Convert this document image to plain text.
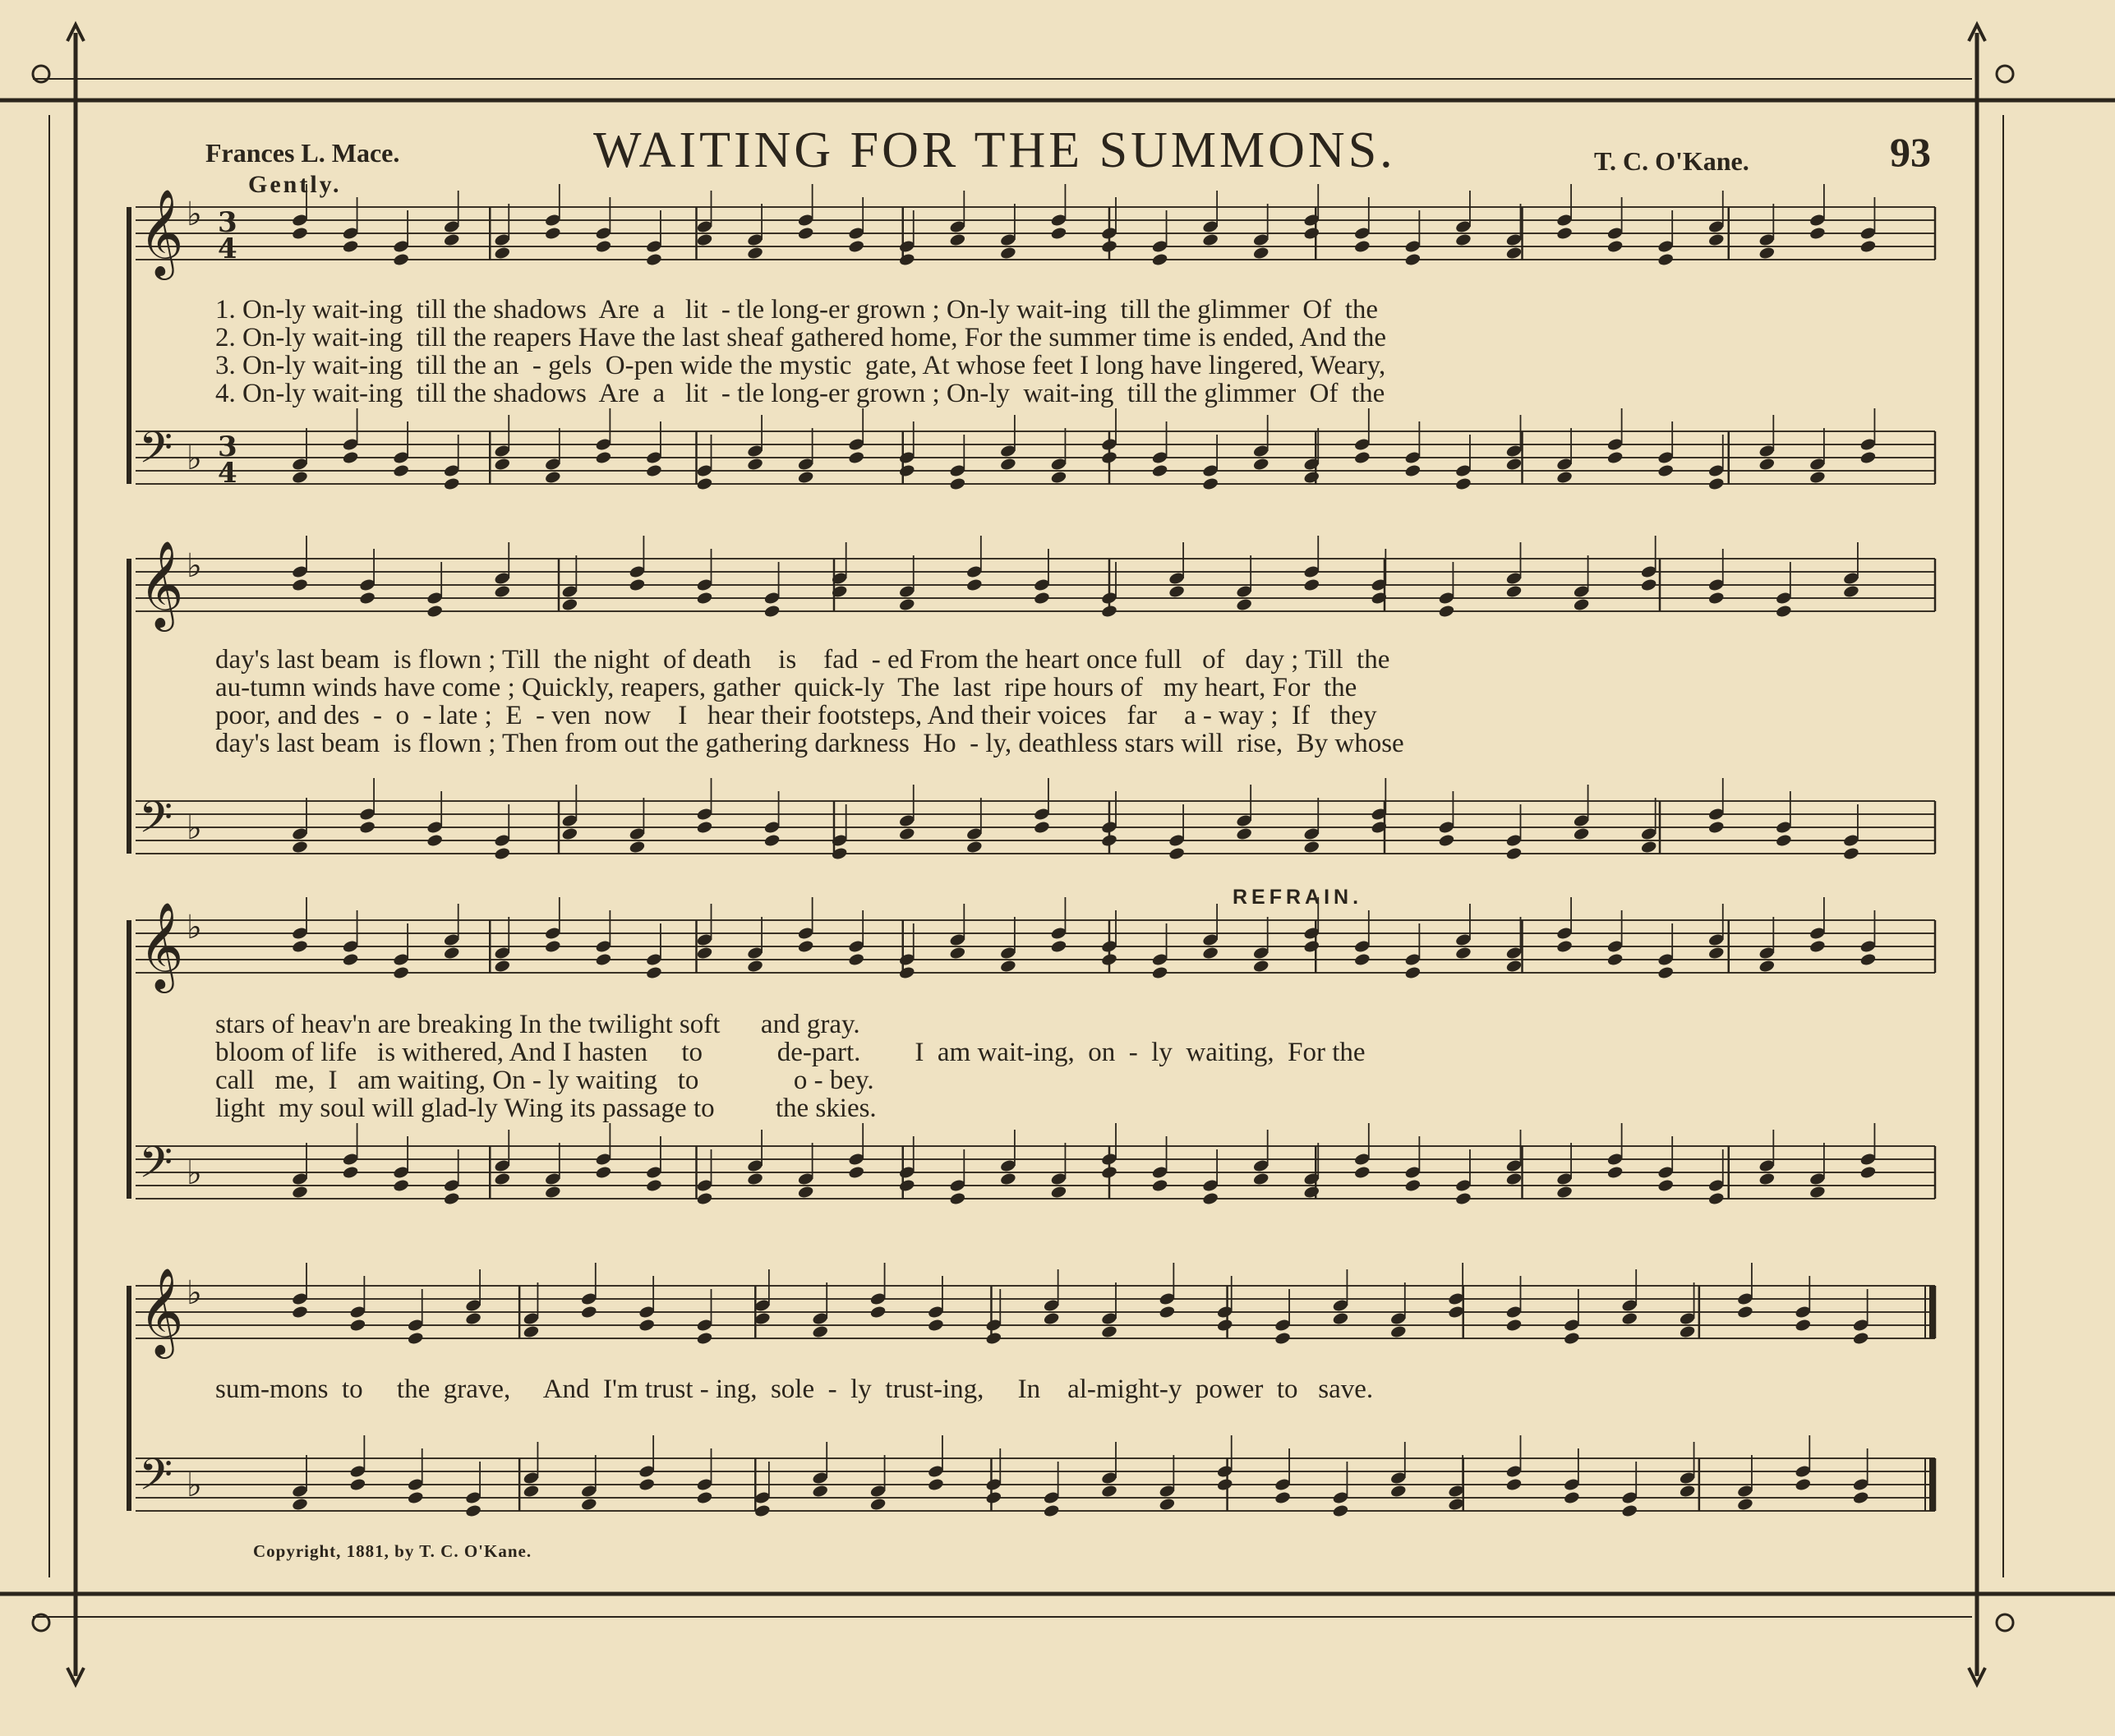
𝄞 ♭
𝄢 ♭
𝄞 ♭
𝄢 ♭
𝄞 ♭
𝄢 ♭
𝄞 ♭
𝄢 ♭
3
4
3
4
Frances L. Mace.	WAITING FOR THE SUMMONS.	T. C. O'Kane.	93
Gently.
1. On-ly wait-ing  till the shadows  Are  a   lit  - tle long-er grown ; On-ly wait-ing  till the glimmer  Of  the
2. On-ly wait-ing  till the reapers Have the last sheaf gathered home, For the summer time is ended, And the
3. On-ly wait-ing  till the an  - gels  O-pen wide the mystic  gate, At whose feet I long have lingered, Weary,
4. On-ly wait-ing  till the shadows  Are  a   lit  - tle long-er grown ; On-ly  wait-ing  till the glimmer  Of  the
day's last beam  is flown ; Till  the night  of death    is    fad  - ed From the heart once full   of   day ; Till  the
au-tumn winds have come ; Quickly, reapers, gather  quick-ly  The  last  ripe hours of   my heart, For  the
poor, and des  -  o  - late ;  E  - ven  now    I   hear their footsteps, And their voices   far    a - way ;  If   they
day's last beam  is flown ; Then from out the gathering darkness  Ho  - ly, deathless stars will  rise,  By whose
REFRAIN.
stars of heav'n are breaking In the twilight soft      and gray.
bloom of life   is withered, And I hasten     to           de-part.        I  am wait-ing,  on  -  ly  waiting,  For the
call   me,  I   am waiting, On - ly waiting   to              o - bey.
light  my soul will glad-ly Wing its passage to         the skies.
sum-mons  to     the  grave,     And  I'm trust - ing,  sole  -  ly  trust-ing,     In    al-might-y  power  to   save.
Copyright, 1881, by T. C. O'Kane.
